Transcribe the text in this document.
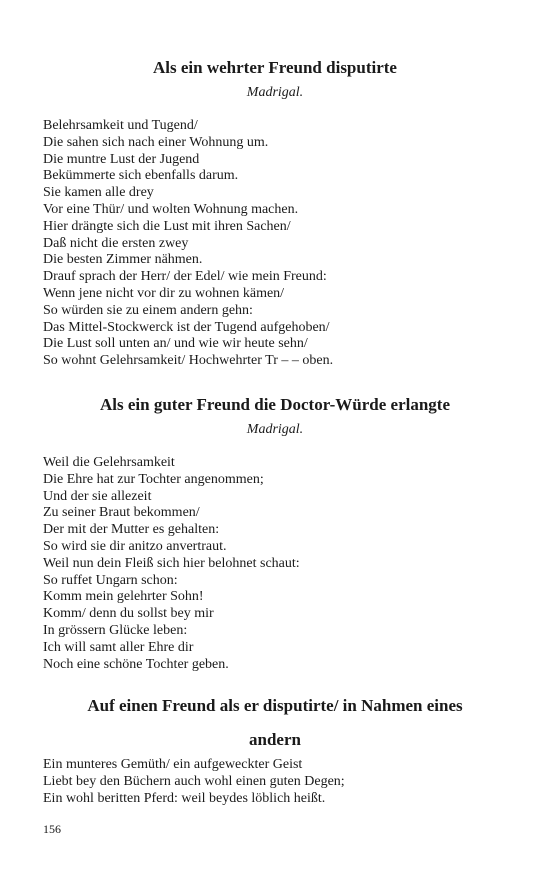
Als ein wehrter Freund disputirte
Madrigal.
Belehrsamkeit und Tugend/
Die sahen sich nach einer Wohnung um.
Die muntre Lust der Jugend
Bekümmerte sich ebenfalls darum.
Sie kamen alle drey
Vor eine Thür/ und wolten Wohnung machen.
Hier drängte sich die Lust mit ihren Sachen/
Daß nicht die ersten zwey
Die besten Zimmer nähmen.
Drauf sprach der Herr/ der Edel/ wie mein Freund:
Wenn jene nicht vor dir zu wohnen kämen/
So würden sie zu einem andern gehn:
Das Mittel-Stockwerck ist der Tugend aufgehoben/
Die Lust soll unten an/ und wie wir heute sehn/
So wohnt Gelehrsamkeit/ Hochwehrter Tr – – oben.
Als ein guter Freund die Doctor-Würde erlangte
Madrigal.
Weil die Gelehrsamkeit
Die Ehre hat zur Tochter angenommen;
Und der sie allezeit
Zu seiner Braut bekommen/
Der mit der Mutter es gehalten:
So wird sie dir anitzo anvertraut.
Weil nun dein Fleiß sich hier belohnet schaut:
So ruffet Ungarn schon:
Komm mein gelehrter Sohn!
Komm/ denn du sollst bey mir
In grössern Glücke leben:
Ich will samt aller Ehre dir
Noch eine schöne Tochter geben.
Auf einen Freund als er disputirte/ in Nahmen eines
andern
Ein munteres Gemüth/ ein aufgeweckter Geist
Liebt bey den Büchern auch wohl einen guten Degen;
Ein wohl beritten Pferd: weil beydes löblich heißt.
156
